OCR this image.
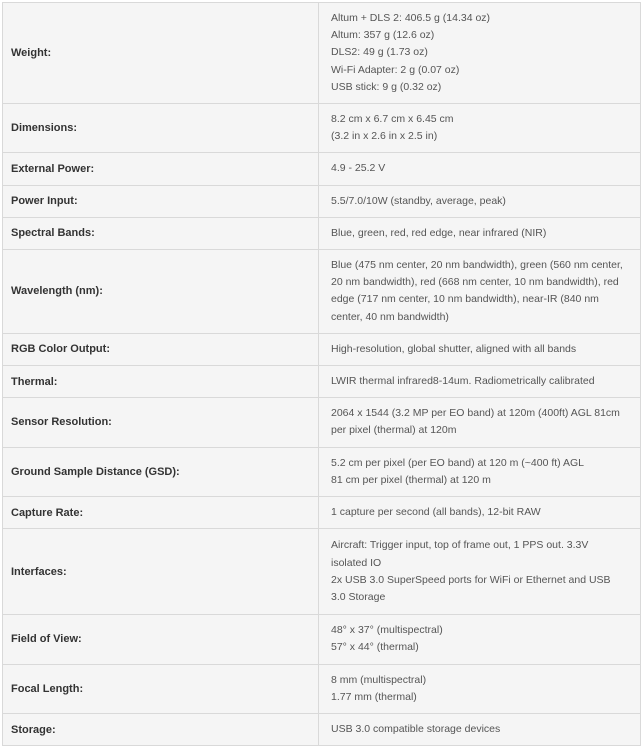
Weight:	Altum + DLS 2: 406.5 g (14.34 oz)
Altum: 357 g (12.6 oz)
DLS2: 49 g (1.73 oz)
Wi-Fi Adapter: 2 g (0.07 oz)
USB stick: 9 g (0.32 oz)

Dimensions:	8.2 cm x 6.7 cm x 6.45 cm
(3.2 in x 2.6 in x 2.5 in)

External Power:	4.9 - 25.2 V

Power Input:	5.5/7.0/10W (standby, average, peak)

Spectral Bands:	Blue, green, red, red edge, near infrared (NIR)

Wavelength (nm):	Blue (475 nm center, 20 nm bandwidth), green (560 nm center,
20 nm bandwidth), red (668 nm center, 10 nm bandwidth), red
edge (717 nm center, 10 nm bandwidth), near-IR (840 nm
center, 40 nm bandwidth)

RGB Color Output:	High-resolution, global shutter, aligned with all bands

Thermal:	LWIR thermal infrared8-14um. Radiometrically calibrated

Sensor Resolution:	2064 x 1544 (3.2 MP per EO band) at 120m (400ft) AGL 81cm
per pixel (thermal) at 120m

Ground Sample Distance (GSD):	5.2 cm per pixel (per EO band) at 120 m (~400 ft) AGL
81 cm per pixel (thermal) at 120 m

Capture Rate:	1 capture per second (all bands), 12-bit RAW

Interfaces:	Aircraft: Trigger input, top of frame out, 1 PPS out. 3.3V
isolated IO
2x USB 3.0 SuperSpeed ports for WiFi or Ethernet and USB
3.0 Storage

Field of View:	48° x 37° (multispectral)
57° x 44° (thermal)

Focal Length:	8 mm (multispectral)
1.77 mm (thermal)

Storage:	USB 3.0 compatible storage devices
